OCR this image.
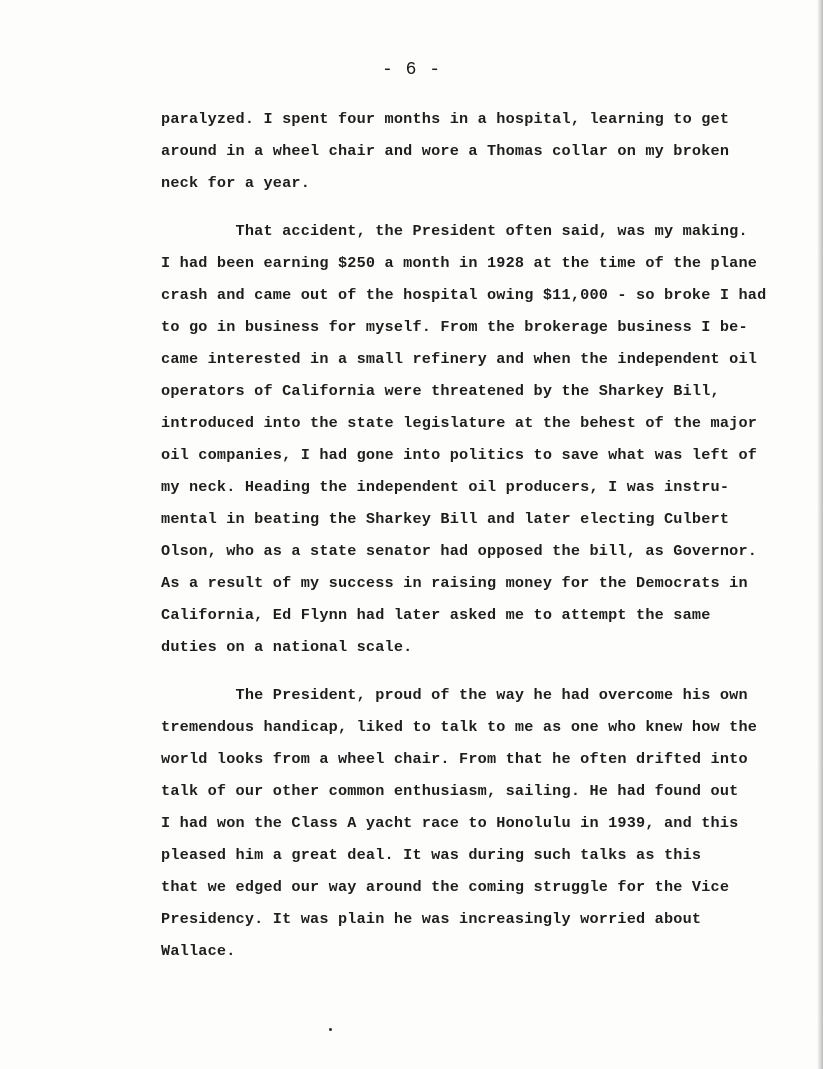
- 6 -
paralyzed. I spent four months in a hospital, learning to get
around in a wheel chair and wore a Thomas collar on my broken
neck for a year.
That accident, the President often said, was my making.
I had been earning $250 a month in 1928 at the time of the plane
crash and came out of the hospital owing $11,000 - so broke I had
to go in business for myself. From the brokerage business I be-
came interested in a small refinery and when the independent oil
operators of California were threatened by the Sharkey Bill,
introduced into the state legislature at the behest of the major
oil companies, I had gone into politics to save what was left of
my neck. Heading the independent oil producers, I was instru-
mental in beating the Sharkey Bill and later electing Culbert
Olson, who as a state senator had opposed the bill, as Governor.
As a result of my success in raising money for the Democrats in
California, Ed Flynn had later asked me to attempt the same
duties on a national scale.
The President, proud of the way he had overcome his own
tremendous handicap, liked to talk to me as one who knew how the
world looks from a wheel chair. From that he often drifted into
talk of our other common enthusiasm, sailing. He had found out
I had won the Class A yacht race to Honolulu in 1939, and this
pleased him a great deal. It was during such talks as this
that we edged our way around the coming struggle for the Vice
Presidency. It was plain he was increasingly worried about
Wallace.
